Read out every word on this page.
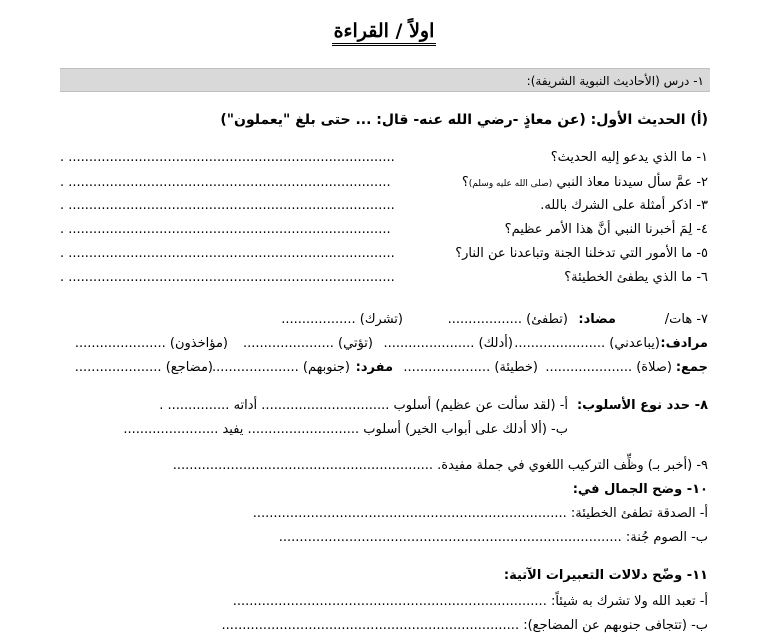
اولاً / القراءة
١- درس (الأحاديث النبوية الشريفة):
(أ) الحديث الأول: (عن معاذٍ -رضي الله عنه- قال: ... حتى بلغ "يعملون")
١- ما الذي يدعو إليه الحديث؟
. ...............................................................................
٢- عمَّ سأل سيدنا معاذ النبي (صلى الله عليه وسلم)؟
. ..............................................................................
٣- اذكر أمثلة على الشرك بالله.
. ...............................................................................
٤- لِمَ أخبرنا النبي أنَّ هذا الأمر عظيم؟
. ..............................................................................
٥- ما الأمور التي تدخلنا الجنة وتباعدنا عن النار؟
. ...............................................................................
٦- ما الذي يطفئ الخطيئة؟
. ...............................................................................
٧- هات/
مضاد:
(تطفئ) ..................
(تشرك) ..................
مرادف:
(يباعدني) ......................
(أدلك) ......................
(تؤتي) ......................
(مؤاخذون) ......................
جمع:
(صلاة) .....................
(خطيئة) .....................
مفرد:
(جنوبهم) .....................
(مضاجع) .....................
٨- حدد نوع الأسلوب:
أ- (لقد سألت عن عظيم) أسلوب ............................... أداته ............... .
ب- (ألا أدلك على أبواب الخير) أسلوب ........................... يفيد .......................
٩- (أخبر بـ) وظِّف التركيب اللغوي في جملة مفيدة. ...............................................................
١٠- وضح الجمال في:
أ- الصدقة تطفئ الخطيئة: ............................................................................
ب- الصوم جُنة: ...................................................................................
١١- وضّح دلالات التعبيرات الآتية:
أ- تعبد الله ولا تشرك به شيئاً: ............................................................................
ب- (تتجافى جنوبهم عن المضاجع): ........................................................................
